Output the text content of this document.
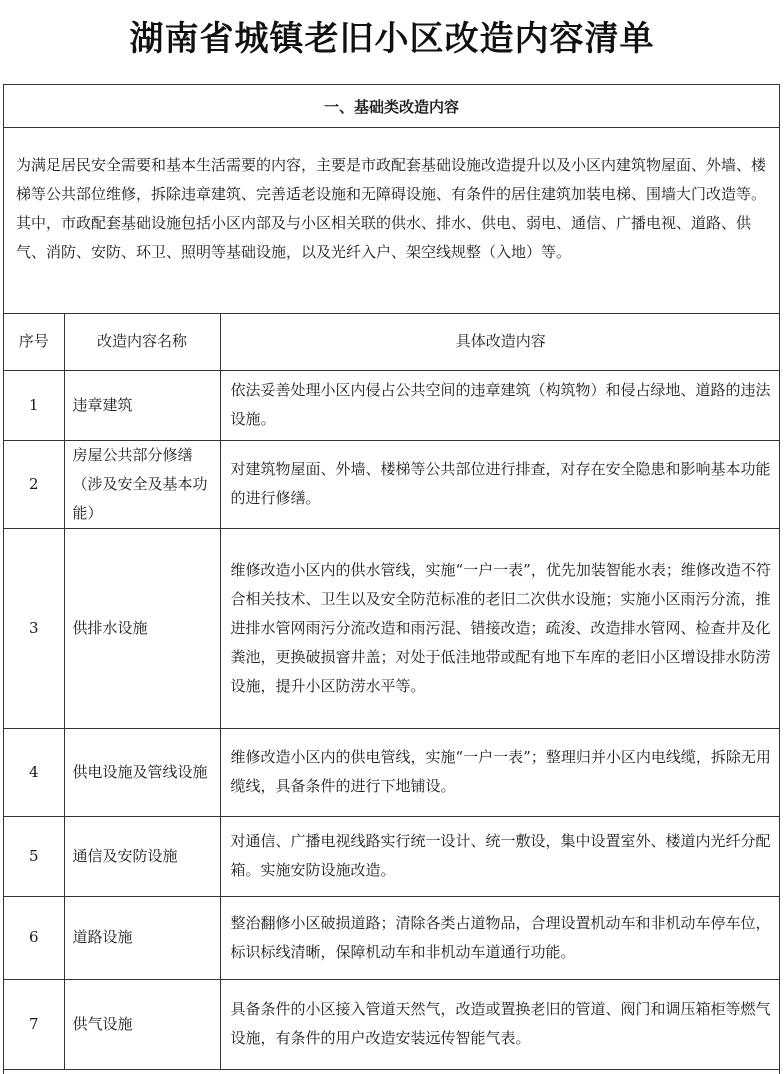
湖南省城镇老旧小区改造内容清单
一、基础类改造内容
为满足居民安全需要和基本生活需要的内容，主要是市政配套基础设施改造提升以及小区内建筑物屋面、外墙、楼梯等公共部位维修，拆除违章建筑、完善适老设施和无障碍设施、有条件的居住建筑加装电梯、围墙大门改造等。其中，市政配套基础设施包括小区内部及与小区相关联的供水、排水、供电、弱电、通信、广播电视、道路、供气、消防、安防、环卫、照明等基础设施，以及光纤入户、架空线规整（入地）等。
序号	改造内容名称	具体改造内容
1	违章建筑	依法妥善处理小区内侵占公共空间的违章建筑（构筑物）和侵占绿地、道路的违法设施。
2	房屋公共部分修缮（涉及安全及基本功能）	对建筑物屋面、外墙、楼梯等公共部位进行排查，对存在安全隐患和影响基本功能的进行修缮。
3	供排水设施	维修改造小区内的供水管线，实施“一户一表”，优先加装智能水表；维修改造不符合相关技术、卫生以及安全防范标准的老旧二次供水设施；实施小区雨污分流，推进排水管网雨污分流改造和雨污混、错接改造；疏浚、改造排水管网、检查井及化粪池，更换破损窨井盖；对处于低洼地带或配有地下车库的老旧小区增设排水防涝设施，提升小区防涝水平等。
4	供电设施及管线设施	维修改造小区内的供电管线，实施“一户一表”；整理归并小区内电线缆，拆除无用缆线，具备条件的进行下地铺设。
5	通信及安防设施	对通信、广播电视线路实行统一设计、统一敷设，集中设置室外、楼道内光纤分配箱。实施安防设施改造。
6	道路设施	整治翻修小区破损道路；清除各类占道物品，合理设置机动车和非机动车停车位，标识标线清晰，保障机动车和非机动车道通行功能。
7	供气设施	具备条件的小区接入管道天然气，改造或置换老旧的管道、阀门和调压箱柜等燃气设施，有条件的用户改造安装远传智能气表。
